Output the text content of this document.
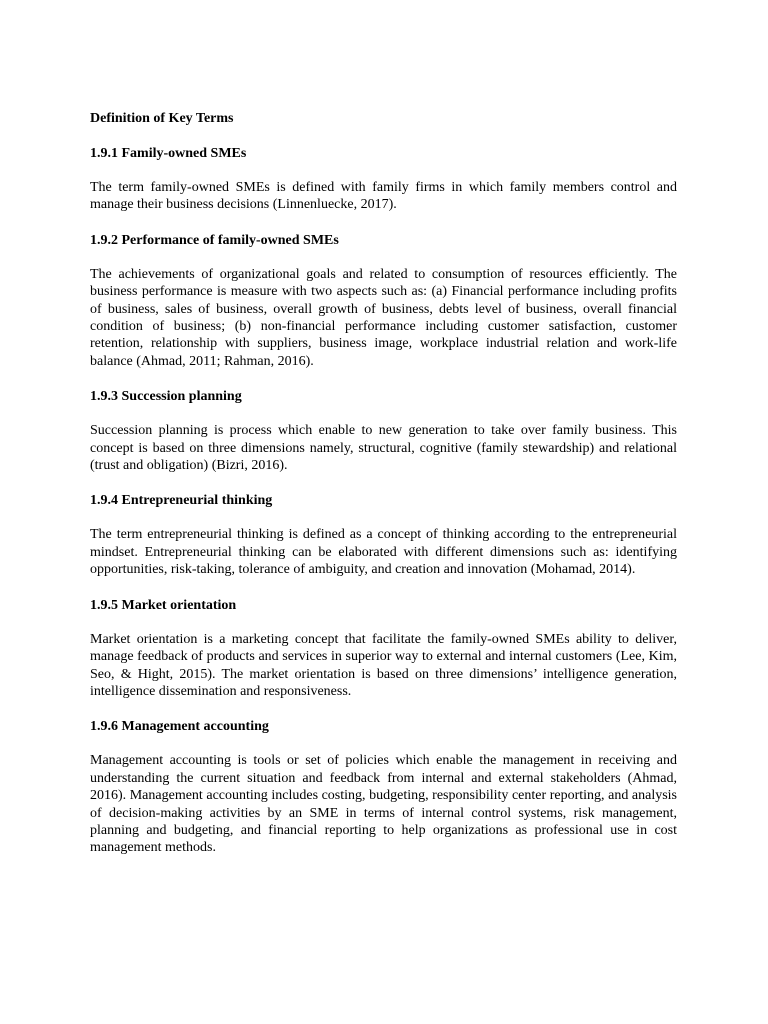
Definition of Key Terms
1.9.1 Family-owned SMEs

The term family-owned SMEs is defined with family firms in which family members control and manage their business decisions (Linnenluecke, 2017).

1.9.2 Performance of family-owned SMEs

The achievements of organizational goals and related to consumption of resources efficiently. The business performance is measure with two aspects such as: (a) Financial performance including profits of business, sales of business, overall growth of business, debts level of business, overall financial condition of business; (b) non-financial performance including customer satisfaction, customer retention, relationship with suppliers, business image, workplace industrial relation and work-life balance (Ahmad, 2011; Rahman, 2016).

1.9.3 Succession planning

Succession planning is process which enable to new generation to take over family business. This concept is based on three dimensions namely, structural, cognitive (family stewardship) and relational (trust and obligation) (Bizri, 2016).

1.9.4 Entrepreneurial thinking

The term entrepreneurial thinking is defined as a concept of thinking according to the entrepreneurial mindset. Entrepreneurial thinking can be elaborated with different dimensions such as: identifying opportunities, risk-taking, tolerance of ambiguity, and creation and innovation (Mohamad, 2014).

1.9.5 Market orientation

Market orientation is a marketing concept that facilitate the family-owned SMEs ability to deliver, manage feedback of products and services in superior way to external and internal customers (Lee, Kim, Seo, & Hight, 2015). The market orientation is based on three dimensions’ intelligence generation, intelligence dissemination and responsiveness.

1.9.6 Management accounting

Management accounting is tools or set of policies which enable the management in receiving and understanding the current situation and feedback from internal and external stakeholders (Ahmad, 2016). Management accounting includes costing, budgeting, responsibility center reporting, and analysis of decision-making activities by an SME in terms of internal control systems, risk management, planning and budgeting, and financial reporting to help organizations as professional use in cost management methods.
